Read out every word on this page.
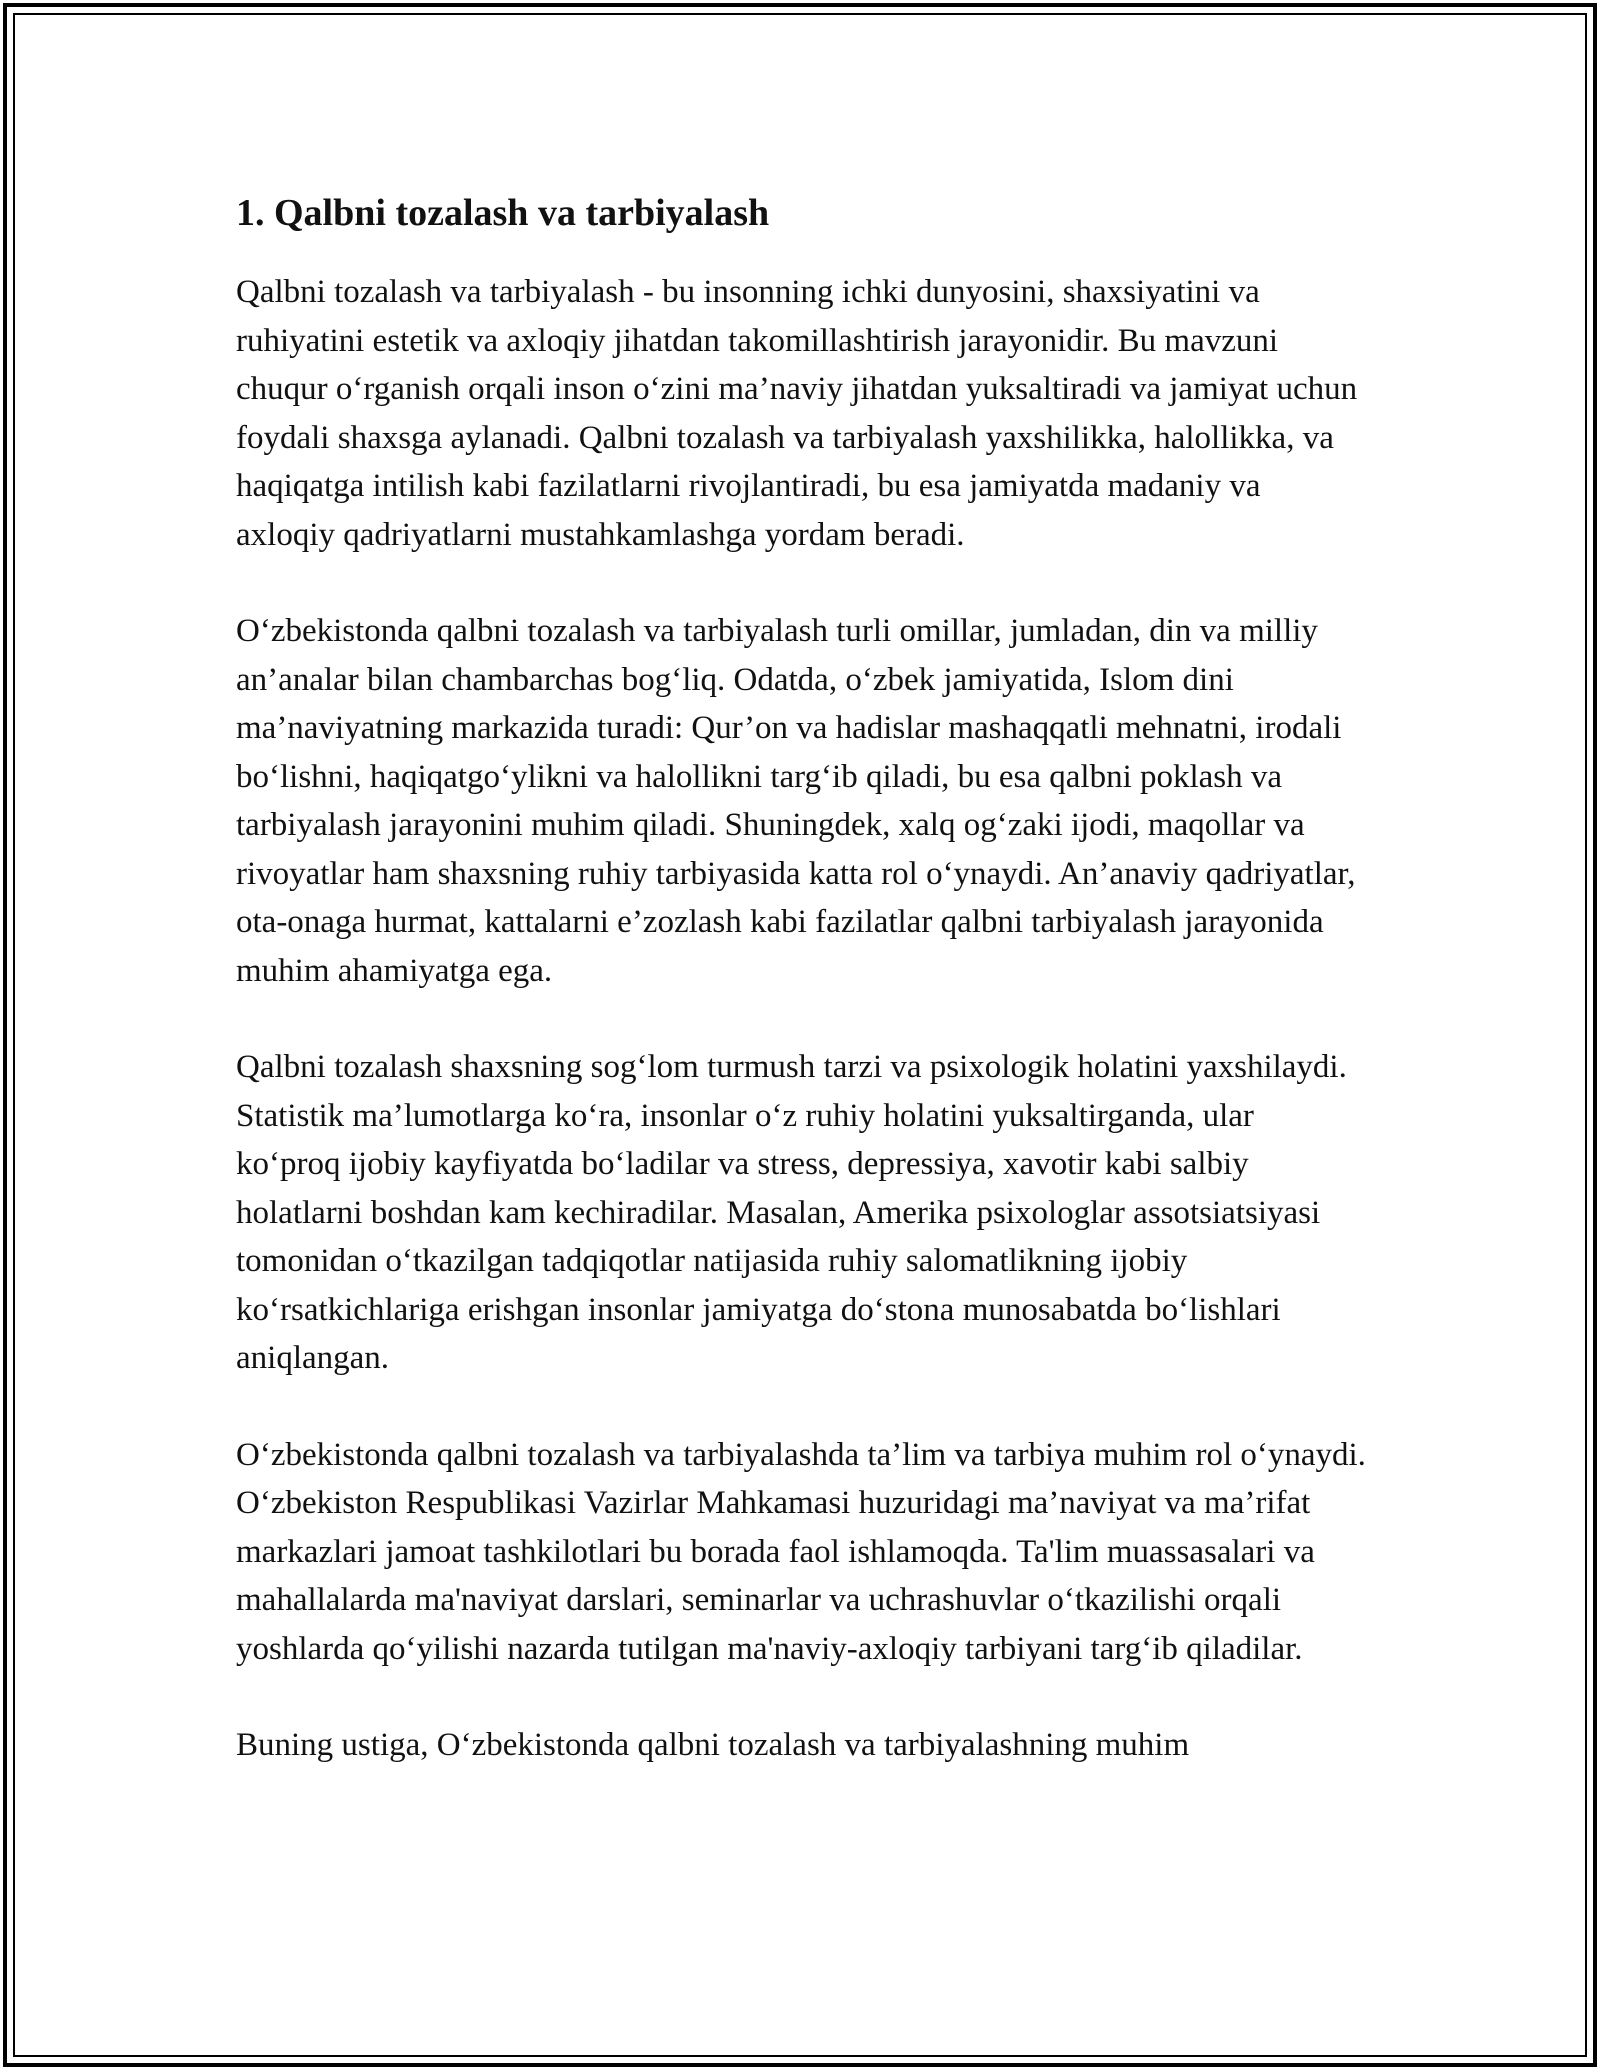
1. Qalbni tozalash va tarbiyalash

Qalbni tozalash va tarbiyalash - bu insonning ichki dunyosini, shaxsiyatini va ruhiyatini estetik va axloqiy jihatdan takomillashtirish jarayonidir. Bu mavzuni chuqur o‘rganish orqali inson o‘zini ma’naviy jihatdan yuksaltiradi va jamiyat uchun foydali shaxsga aylanadi. Qalbni tozalash va tarbiyalash yaxshilikka, halollikka, va haqiqatga intilish kabi fazilatlarni rivojlantiradi, bu esa jamiyatda madaniy va axloqiy qadriyatlarni mustahkamlashga yordam beradi.

O‘zbekistonda qalbni tozalash va tarbiyalash turli omillar, jumladan, din va milliy an’analar bilan chambarchas bog‘liq. Odatda, o‘zbek jamiyatida, Islom dini ma’naviyatning markazida turadi: Qur’on va hadislar mashaqqatli mehnatni, irodali bo‘lishni, haqiqatgo‘ylikni va halollikni targ‘ib qiladi, bu esa qalbni poklash va tarbiyalash jarayonini muhim qiladi. Shuningdek, xalq og‘zaki ijodi, maqollar va rivoyatlar ham shaxsning ruhiy tarbiyasida katta rol o‘ynaydi. An’anaviy qadriyatlar, ota-onaga hurmat, kattalarni e’zozlash kabi fazilatlar qalbni tarbiyalash jarayonida muhim ahamiyatga ega.

Qalbni tozalash shaxsning sog‘lom turmush tarzi va psixologik holatini yaxshilaydi. Statistik ma’lumotlarga ko‘ra, insonlar o‘z ruhiy holatini yuksaltirganda, ular ko‘proq ijobiy kayfiyatda bo‘ladilar va stress, depressiya, xavotir kabi salbiy holatlarni boshdan kam kechiradilar. Masalan, Amerika psixologlar assotsiatsiyasi tomonidan o‘tkazilgan tadqiqotlar natijasida ruhiy salomatlikning ijobiy ko‘rsatkichlariga erishgan insonlar jamiyatga do‘stona munosabatda bo‘lishlari aniqlangan.

O‘zbekistonda qalbni tozalash va tarbiyalashda ta’lim va tarbiya muhim rol o‘ynaydi. O‘zbekiston Respublikasi Vazirlar Mahkamasi huzuridagi ma’naviyat va ma’rifat markazlari jamoat tashkilotlari bu borada faol ishlamoqda. Ta'lim muassasalari va mahallalarda ma'naviyat darslari, seminarlar va uchrashuvlar o‘tkazilishi orqali yoshlarda qo‘yilishi nazarda tutilgan ma'naviy-axloqiy tarbiyani targ‘ib qiladilar.

Buning ustiga, O‘zbekistonda qalbni tozalash va tarbiyalashning muhim
